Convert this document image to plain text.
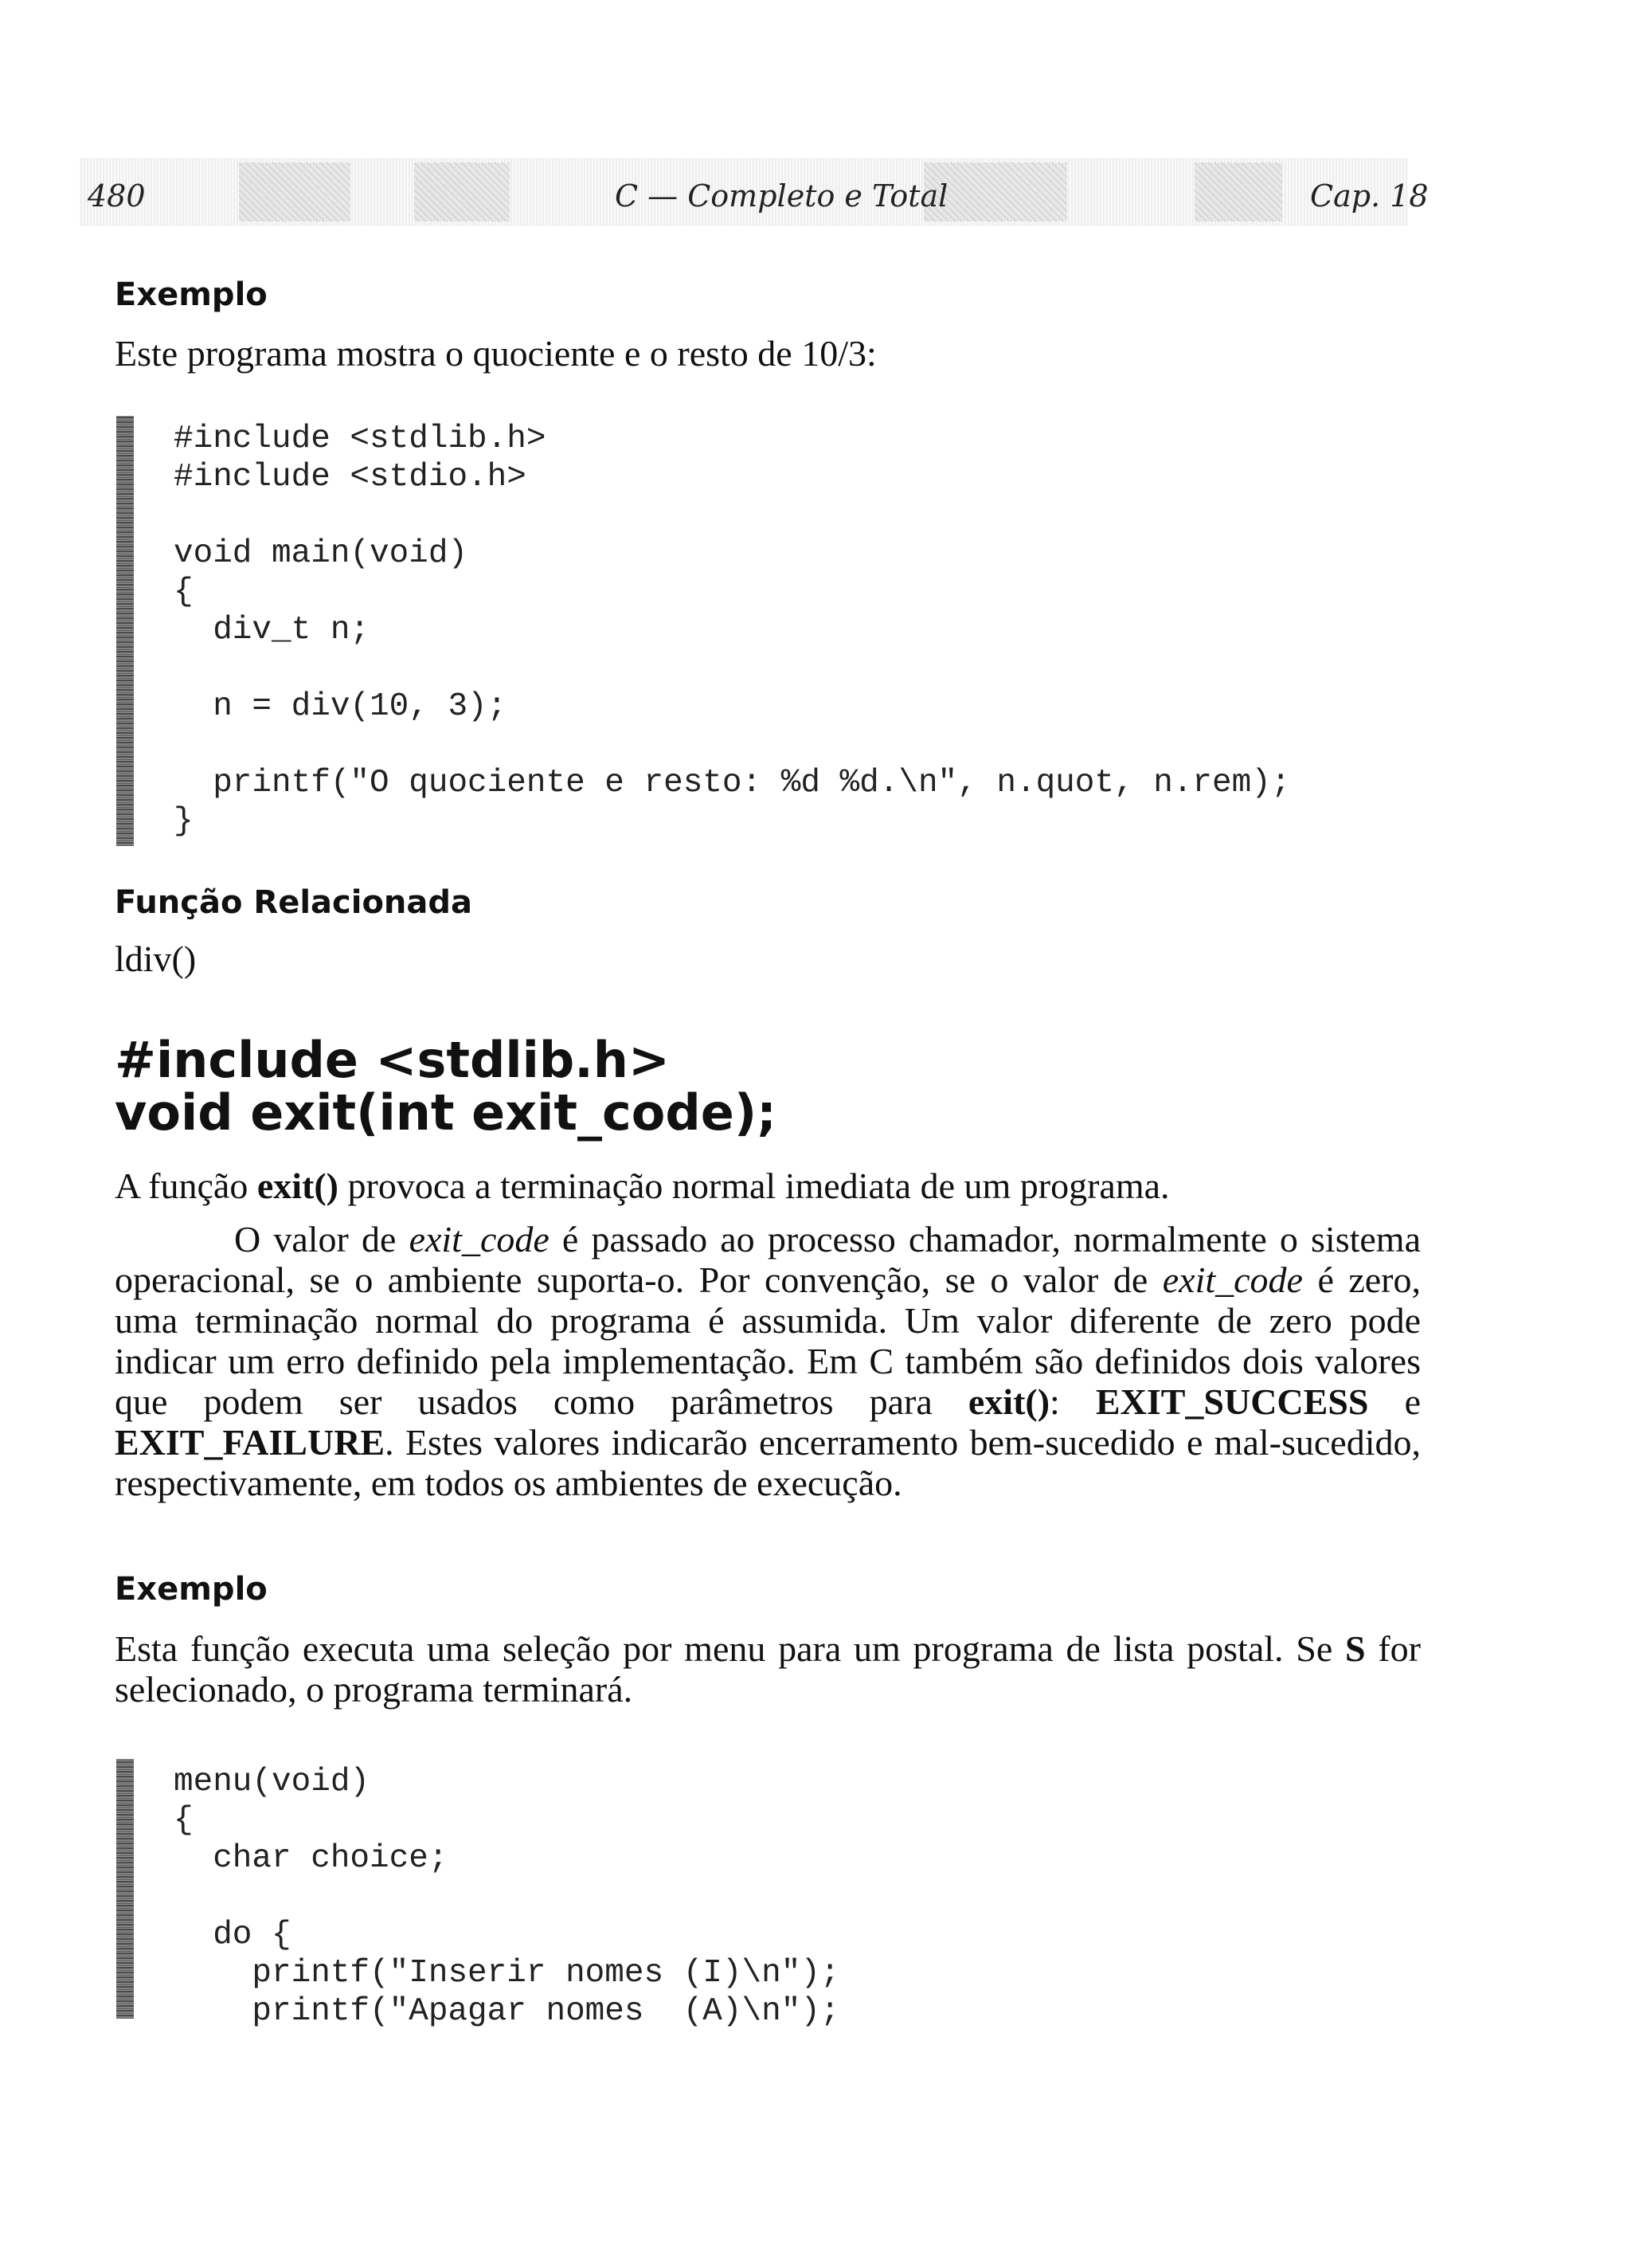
480	C — Completo e Total	Cap. 18
Exemplo
Este programa mostra o quociente e o resto de 10/3:
#include <stdlib.h>
#include <stdio.h>

void main(void)
{
div_t n;

n = div(10, 3);

printf("O quociente e resto: %d %d.\n", n.quot, n.rem);
}
Função Relacionada
ldiv()
#include <stdlib.h>
void exit(int exit_code);
A função exit() provoca a terminação normal imediata de um programa.
O valor de exit_code é passado ao processo chamador, normalmente o sistema operacional, se o ambiente suporta-o. Por convenção, se o valor de exit_code é zero, uma terminação normal do programa é assumida. Um valor diferente de zero pode indicar um erro definido pela implementação. Em C também são definidos dois valores que podem ser usados como parâmetros para exit(): EXIT_SUCCESS e EXIT_FAILURE. Estes valores indicarão encerramento bem-sucedido e mal-sucedido, respectivamente, em todos os ambientes de execução.
Exemplo
Esta função executa uma seleção por menu para um programa de lista postal. Se S for selecionado, o programa terminará.
menu(void)
{
char choice;

do {
printf("Inserir nomes (I)\n");
printf("Apagar nomes  (A)\n");
